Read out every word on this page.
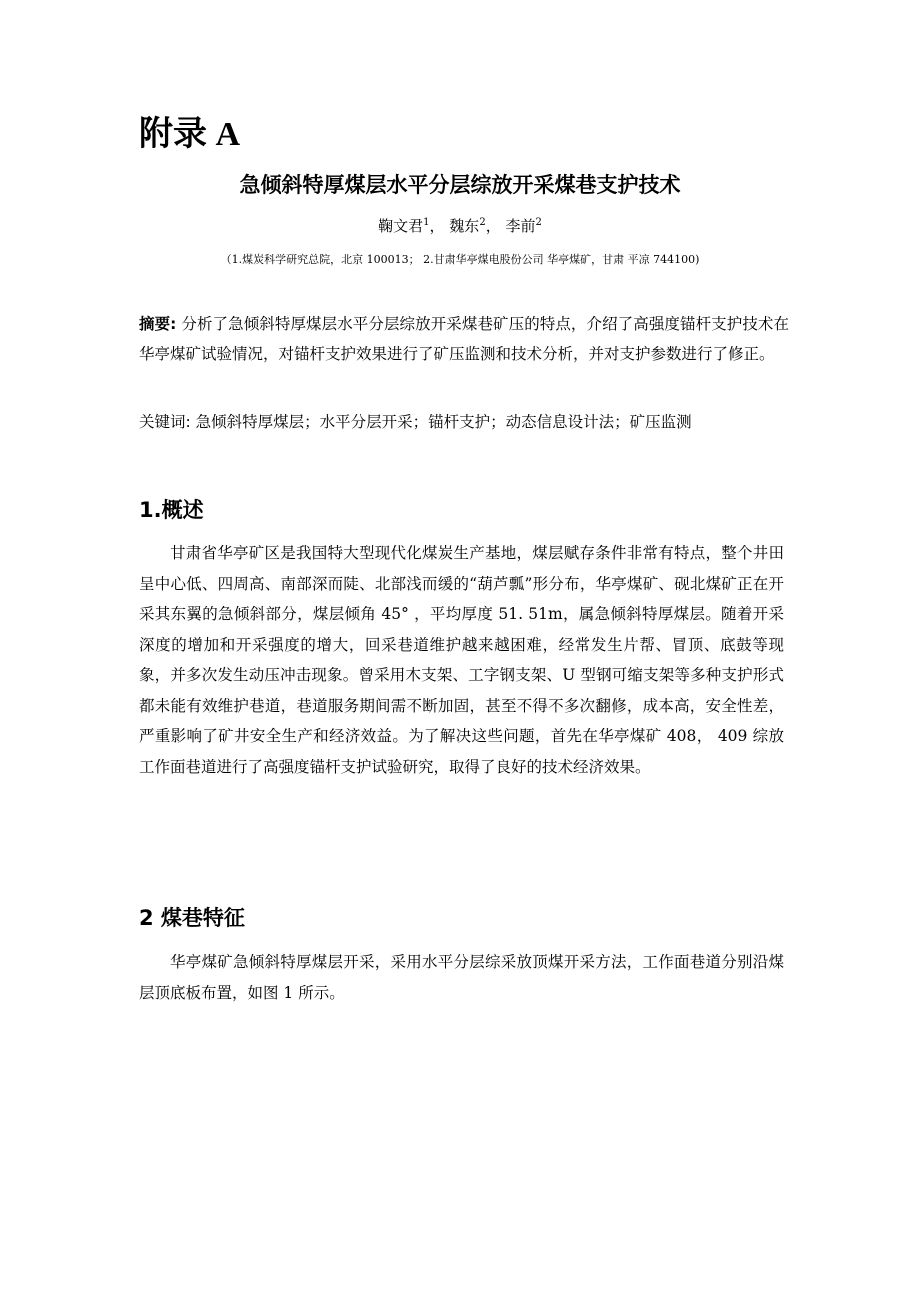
附录 A
急倾斜特厚煤层水平分层综放开采煤巷支护技术
鞠文君$^1$， 魏东$^2$， 李前$^2$
（1.煤炭科学研究总院，北京 100013； 2.甘肃华亭煤电股份公司 华亭煤矿，甘肃 平凉 744100)

摘要: 分析了急倾斜特厚煤层水平分层综放开采煤巷矿压的特点，介绍了高强度锚杆支护技术在华亭煤矿试验情况，对锚杆支护效果进行了矿压监测和技术分析，并对支护参数进行了修正。

关键词: 急倾斜特厚煤层；水平分层开采；锚杆支护；动态信息设计法；矿压监测

1.概述

甘肃省华亭矿区是我国特大型现代化煤炭生产基地，煤层赋存条件非常有特点，整个井田呈中心低、四周高、南部深而陡、北部浅而缓的“葫芦瓢”形分布，华亭煤矿、砚北煤矿正在开采其东翼的急倾斜部分，煤层倾角 45° ，平均厚度 51. 51m，属急倾斜特厚煤层。随着开采深度的增加和开采强度的增大，回采巷道维护越来越困难，经常发生片帮、冒顶、底鼓等现象，并多次发生动压冲击现象。曾采用木支架、工字钢支架、U 型钢可缩支架等多种支护形式都未能有效维护巷道，巷道服务期间需不断加固，甚至不得不多次翻修，成本高，安全性差，严重影响了矿井安全生产和经济效益。为了解决这些问题，首先在华亭煤矿 408， 409 综放工作面巷道进行了高强度锚杆支护试验研究，取得了良好的技术经济效果。

2 煤巷特征

华亭煤矿急倾斜特厚煤层开采，采用水平分层综采放顶煤开采方法，工作面巷道分别沿煤层顶底板布置，如图 1 所示。
